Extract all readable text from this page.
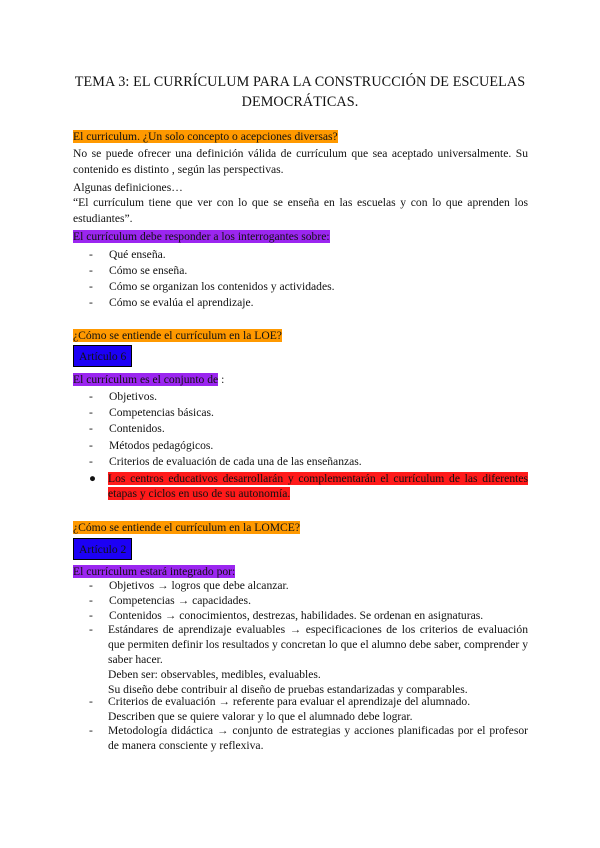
TEMA 3: EL CURRÍCULUM PARA LA CONSTRUCCIÓN DE ESCUELAS
DEMOCRÁTICAS.
El curriculum. ¿Un solo concepto o acepciones diversas?
No se puede ofrecer una definición válida de currículum que sea aceptado universalmente. Su contenido es distinto , según las perspectivas.
Algunas definiciones…
“El currículum tiene que ver con lo que se enseña en las escuelas y con lo que aprenden los estudiantes”.
El currículum debe responder a los interrogantes sobre:
- Qué enseña.
- Cómo se enseña.
- Cómo se organizan los contenidos y actividades.
- Cómo se evalúa el aprendizaje.
¿Cómo se entiende el currículum en la LOE?
Artículo 6
El currículum es el conjunto de :
- Objetivos.
- Competencias básicas.
- Contenidos.
- Métodos pedagógicos.
- Criterios de evaluación de cada una de las enseñanzas.
● Los centros educativos desarrollarán y complementarán el currículum de las diferentes etapas y ciclos en uso de su autonomía.
¿Cómo se entiende el currículum en la LOMCE?
Artículo 2
El currículum estará integrado por:
- Objetivos → logros que debe alcanzar.
- Competencias → capacidades.
- Contenidos → conocimientos, destrezas, habilidades. Se ordenan en asignaturas.
- Estándares de aprendizaje evaluables → especificaciones de los criterios de evaluación que permiten definir los resultados y concretan lo que el alumno debe saber, comprender y saber hacer.
Deben ser: observables, medibles, evaluables.
Su diseño debe contribuir al diseño de pruebas estandarizadas y comparables.
- Criterios de evaluación → referente para evaluar el aprendizaje del alumnado.
Describen que se quiere valorar y lo que el alumnado debe lograr.
- Metodología didáctica → conjunto de estrategias y acciones planificadas por el profesor de manera consciente y reflexiva.
